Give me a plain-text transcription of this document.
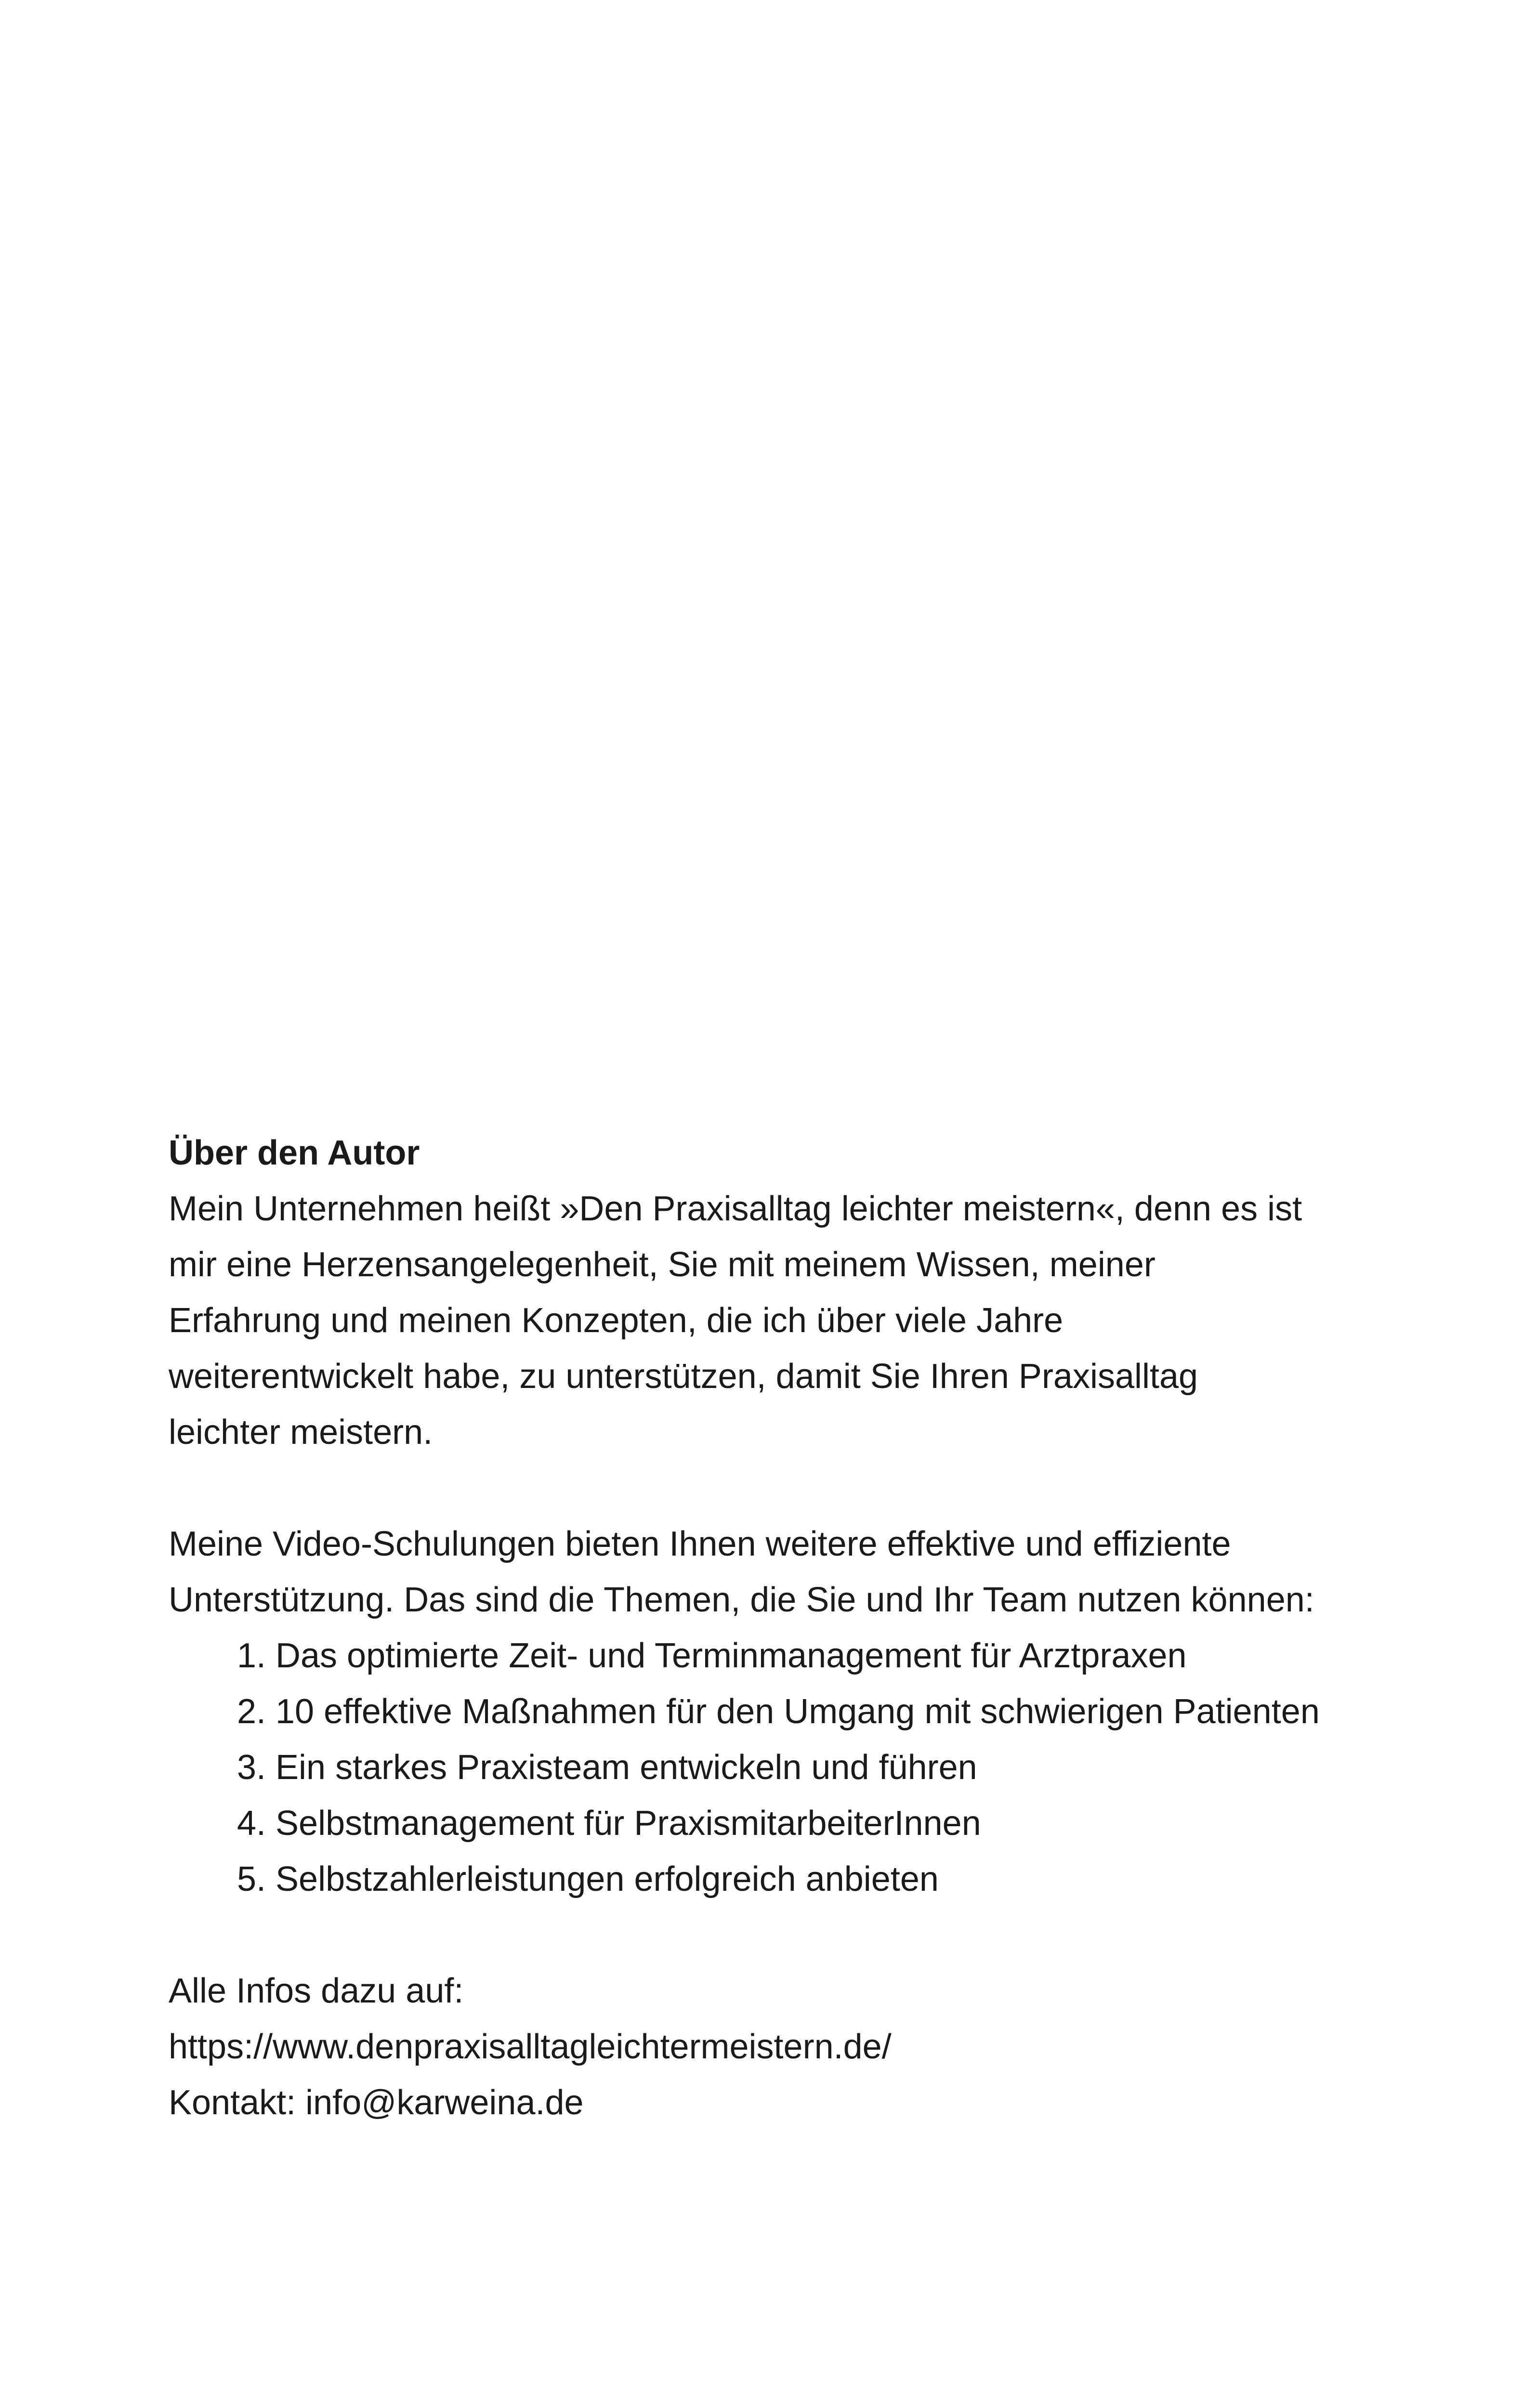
Über den Autor
Mein Unternehmen heißt »Den Praxisalltag leichter meistern«, denn es ist
mir eine Herzensangelegenheit, Sie mit meinem Wissen, meiner
Erfahrung und meinen Konzepten, die ich über viele Jahre
weiterentwickelt habe, zu unterstützen, damit Sie Ihren Praxisalltag
leichter meistern.
Meine Video-Schulungen bieten Ihnen weitere effektive und effiziente
Unterstützung. Das sind die Themen, die Sie und Ihr Team nutzen können:
1. Das optimierte Zeit- und Terminmanagement für Arztpraxen
2. 10 effektive Maßnahmen für den Umgang mit schwierigen Patienten
3. Ein starkes Praxisteam entwickeln und führen
4. Selbstmanagement für PraxismitarbeiterInnen
5. Selbstzahlerleistungen erfolgreich anbieten
Alle Infos dazu auf:
https://www.denpraxisalltagleichtermeistern.de/
Kontakt: info@karweina.de
